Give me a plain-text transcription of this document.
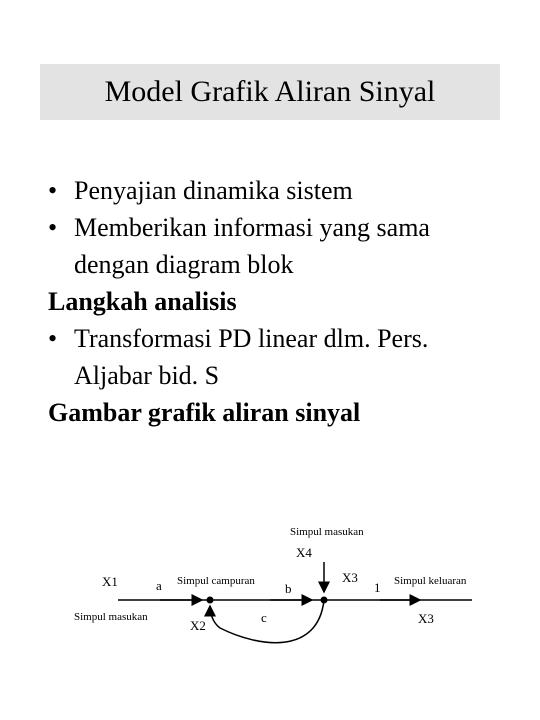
Model Grafik Aliran Sinyal
• Penyajian dinamika sistem
• Memberikan informasi yang sama dengan diagram blok
Langkah analisis
• Transformasi PD linear dlm. Pers. Aljabar bid. S
Gambar grafik aliran sinyal
Simpul masukan
X4
X1	a Simpul campuran b
X3
1 Simpul keluaran
Simpul masukan
X2
c	X3
